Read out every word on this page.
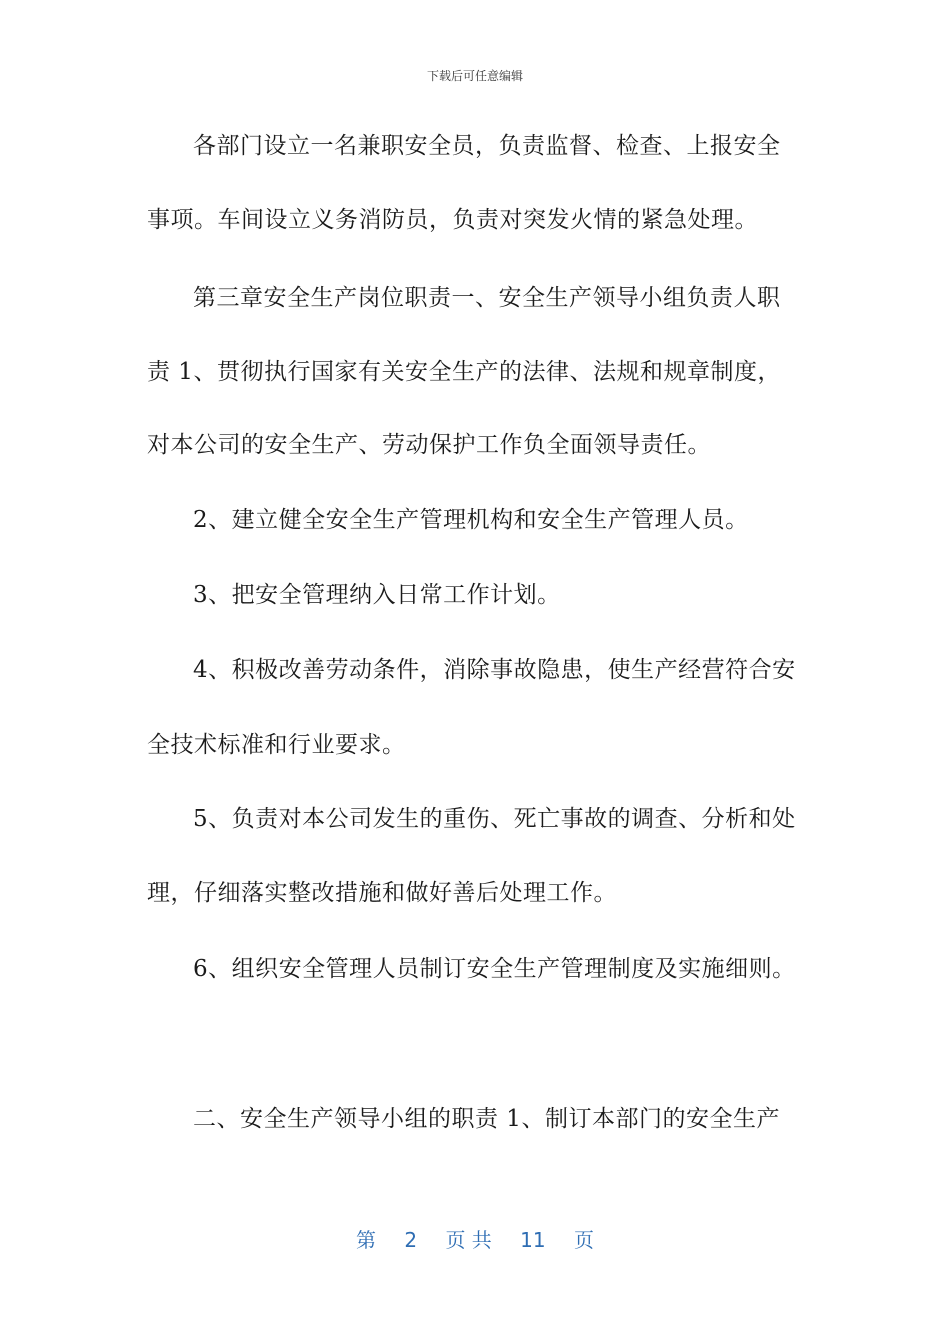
下载后可任意编辑
各部门设立一名兼职安全员，负责监督、检查、上报安全
事项。车间设立义务消防员，负责对突发火情的紧急处理。
第三章安全生产岗位职责一、安全生产领导小组负责人职
责 1、贯彻执行国家有关安全生产的法律、法规和规章制度，
对本公司的安全生产、劳动保护工作负全面领导责任。
2、建立健全安全生产管理机构和安全生产管理人员。
3、把安全管理纳入日常工作计划。
4、积极改善劳动条件，消除事故隐患，使生产经营符合安
全技术标准和行业要求。
5、负责对本公司发生的重伤、死亡事故的调查、分析和处
理，仔细落实整改措施和做好善后处理工作。
6、组织安全管理人员制订安全生产管理制度及实施细则。
二、安全生产领导小组的职责 1、制订本部门的安全生产
第 2 页 共 11 页
